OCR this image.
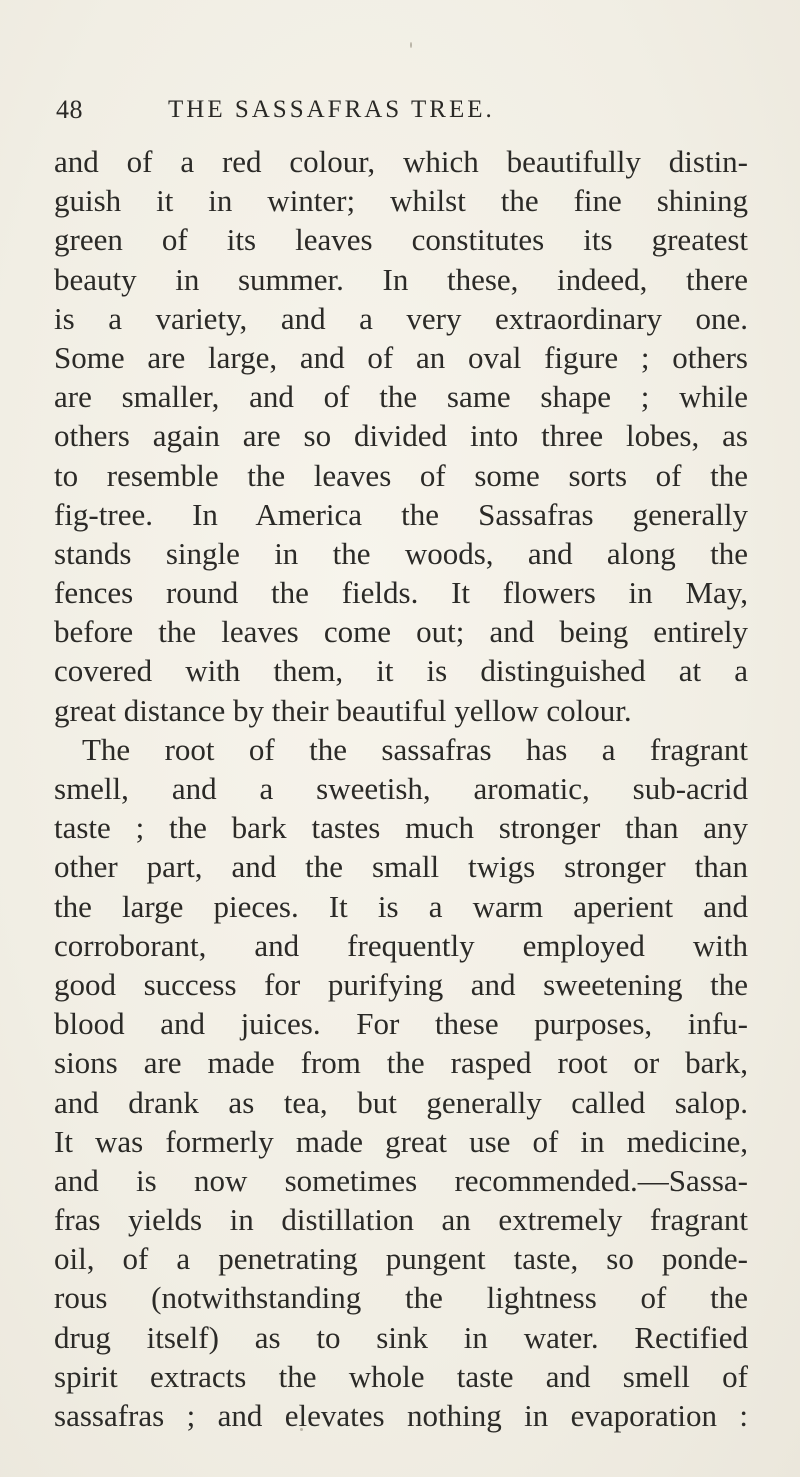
48	THE SASSAFRAS TREE.
and of a red colour, which beautifully distin-
guish it in winter; whilst the fine shining
green of its leaves constitutes its greatest
beauty in summer. In these, indeed, there
is a variety, and a very extraordinary one.
Some are large, and of an oval figure ; others
are smaller, and of the same shape ; while
others again are so divided into three lobes, as
to resemble the leaves of some sorts of the
fig-tree. In America the Sassafras generally
stands single in the woods, and along the
fences round the fields. It flowers in May,
before the leaves come out; and being entirely
covered with them, it is distinguished at a
great distance by their beautiful yellow colour.
The root of the sassafras has a fragrant
smell, and a sweetish, aromatic, sub-acrid
taste ; the bark tastes much stronger than any
other part, and the small twigs stronger than
the large pieces. It is a warm aperient and
corroborant, and frequently employed with
good success for purifying and sweetening the
blood and juices. For these purposes, infu-
sions are made from the rasped root or bark,
and drank as tea, but generally called salop.
It was formerly made great use of in medicine,
and is now sometimes recommended.—Sassa-
fras yields in distillation an extremely fragrant
oil, of a penetrating pungent taste, so ponde-
rous (notwithstanding the lightness of the
drug itself) as to sink in water. Rectified
spirit extracts the whole taste and smell of
sassafras ; and elevates nothing in evaporation :
